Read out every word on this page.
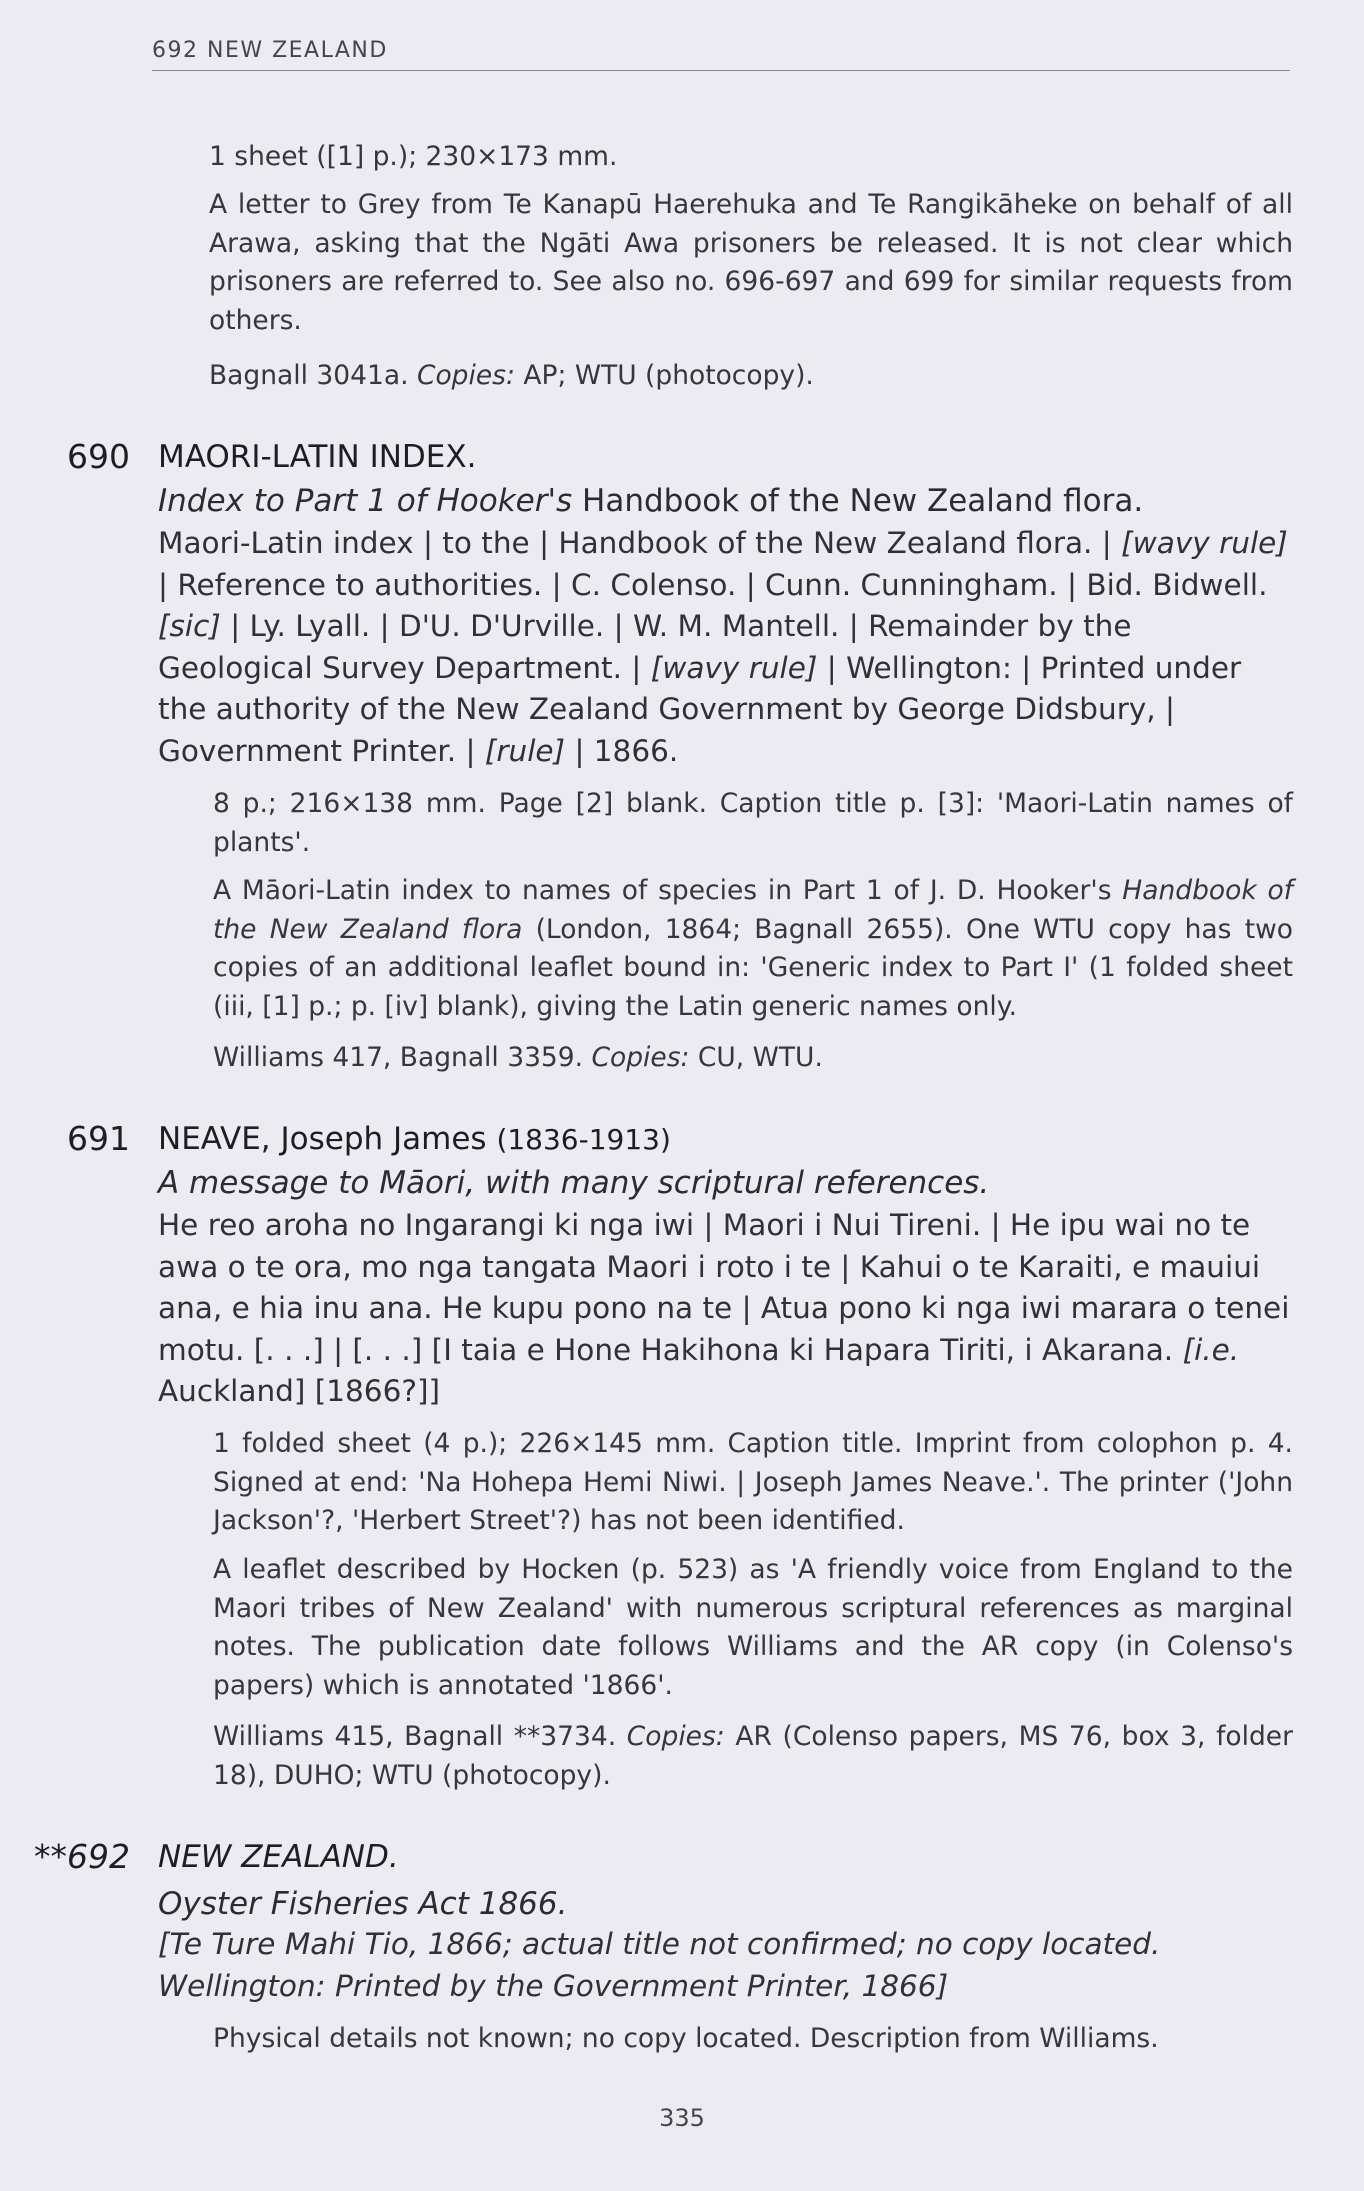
692 NEW ZEALAND
1 sheet ([1] p.); 230×173 mm.
A letter to Grey from Te Kanapū Haerehuka and Te Rangikāheke on behalf of all Arawa, asking that the Ngāti Awa prisoners be released. It is not clear which prisoners are referred to. See also no. 696-697 and 699 for similar requests from others.
Bagnall 3041a. Copies: AP; WTU (photocopy).
690 MAORI-LATIN INDEX.
Index to Part 1 of Hooker's Handbook of the New Zealand flora.
Maori-Latin index | to the | Handbook of the New Zealand flora. | [wavy rule] | Reference to authorities. | C. Colenso. | Cunn. Cunningham. | Bid. Bidwell. [sic] | Ly. Lyall. | D'U. D'Urville. | W. M. Mantell. | Remainder by the Geological Survey Department. | [wavy rule] | Wellington: | Printed under the authority of the New Zealand Government by George Didsbury, | Government Printer. | [rule] | 1866.
8 p.; 216×138 mm. Page [2] blank. Caption title p. [3]: 'Maori-Latin names of plants'.
A Māori-Latin index to names of species in Part 1 of J. D. Hooker's Handbook of the New Zealand flora (London, 1864; Bagnall 2655). One WTU copy has two copies of an additional leaflet bound in: 'Generic index to Part I' (1 folded sheet (iii, [1] p.; p. [iv] blank), giving the Latin generic names only.
Williams 417, Bagnall 3359. Copies: CU, WTU.
691 NEAVE, Joseph James (1836-1913)
A message to Māori, with many scriptural references.
He reo aroha no Ingarangi ki nga iwi | Maori i Nui Tireni. | He ipu wai no te awa o te ora, mo nga tangata Maori i roto i te | Kahui o te Karaiti, e mauiui ana, e hia inu ana. He kupu pono na te | Atua pono ki nga iwi marara o tenei motu. [. . .] | [. . .] [I taia e Hone Hakihona ki Hapara Tiriti, i Akarana. [i.e. Auckland] [1866?]]
1 folded sheet (4 p.); 226×145 mm. Caption title. Imprint from colophon p. 4. Signed at end: 'Na Hohepa Hemi Niwi. | Joseph James Neave.'. The printer ('John Jackson'?, 'Herbert Street'?) has not been identified.
A leaflet described by Hocken (p. 523) as 'A friendly voice from England to the Maori tribes of New Zealand' with numerous scriptural references as marginal notes. The publication date follows Williams and the AR copy (in Colenso's papers) which is annotated '1866'.
Williams 415, Bagnall **3734. Copies: AR (Colenso papers, MS 76, box 3, folder 18), DUHO; WTU (photocopy).
**692 NEW ZEALAND.
Oyster Fisheries Act 1866.
[Te Ture Mahi Tio, 1866; actual title not confirmed; no copy located.
Wellington: Printed by the Government Printer, 1866]
Physical details not known; no copy located. Description from Williams.
335
